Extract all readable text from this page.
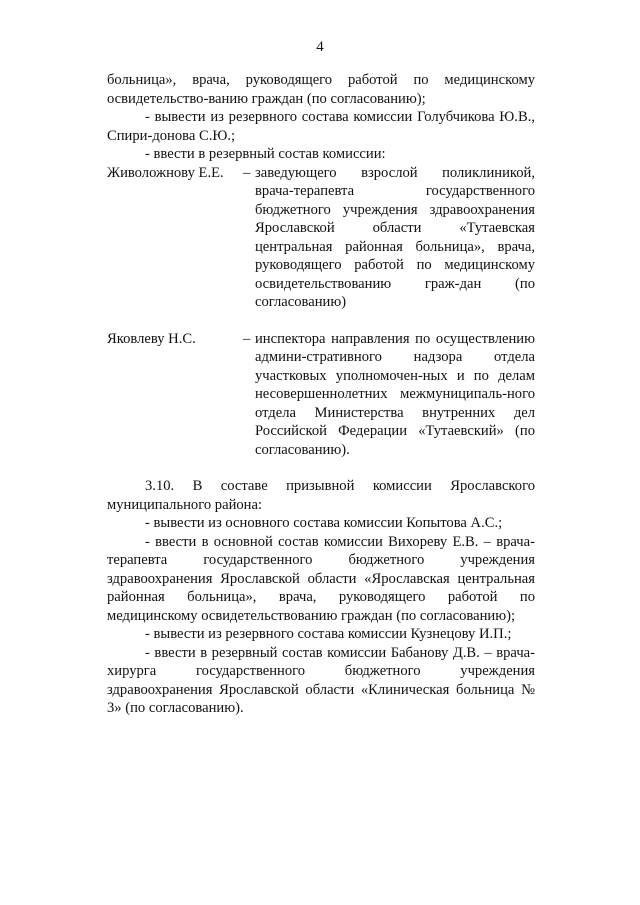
4

больница», врача, руководящего работой по медицинскому освидетельство-ванию граждан (по согласованию);

- вывести из резервного состава комиссии Голубчикова Ю.В., Спири-донова С.Ю.;

- ввести в резервный состав комиссии:

Живоложнову Е.Е.	– заведующего взрослой поликлиникой, врача-терапевта государственного бюджетного учреждения здравоохранения Ярославской области «Тутаевская центральная районная больница», врача, руководящего работой по медицинскому освидетельствованию граж-дан (по согласованию)
Яковлеву Н.С.	– инспектора направления по осуществлению админи-стративного надзора отдела участковых уполномочен-ных и по делам несовершеннолетних межмуниципаль-ного отдела Министерства внутренних дел Российской Федерации «Тутаевский» (по согласованию).

3.10. В составе призывной комиссии Ярославского муниципального района:

- вывести из основного состава комиссии Копытова А.С.;

- ввести в основной состав комиссии Вихореву Е.В. – врача-терапевта государственного бюджетного учреждения здравоохранения Ярославской области «Ярославская центральная районная больница», врача, руководящего работой по медицинскому освидетельствованию граждан (по согласованию);

- вывести из резервного состава комиссии Кузнецову И.П.;

- ввести в резервный состав комиссии Бабанову Д.В. – врача-хирурга государственного бюджетного учреждения здравоохранения Ярославской области «Клиническая больница № 3» (по согласованию).
